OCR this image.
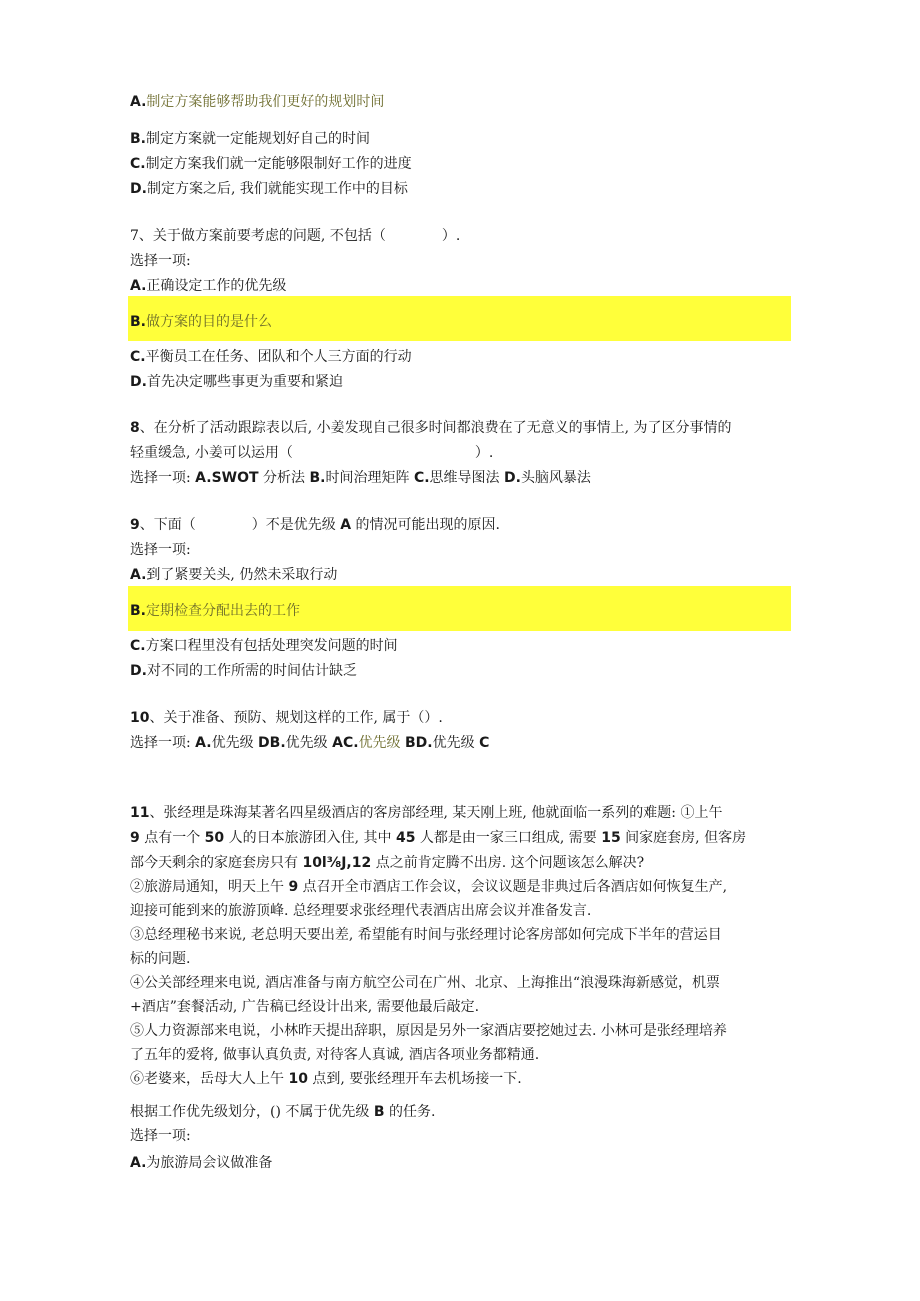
A.制定方案能够帮助我们更好的规划时间
B.制定方案就一定能规划好自己的时间
C.制定方案我们就一定能够限制好工作的进度
D.制定方案之后, 我们就能实现工作中的目标
7、关于做方案前要考虑的问题, 不包括（　　　　）.
选择一项:
A.正确设定工作的优先级
B.做方案的目的是什么
C.平衡员工在任务、团队和个人三方面的行动
D.首先决定哪些事更为重要和紧迫
8、在分析了活动跟踪表以后, 小姜发现自己很多时间都浪费在了无意义的事情上, 为了区分事情的
轻重缓急, 小姜可以运用（　　　　　　　　　　　　　）.
选择一项: A.SWOT 分析法 B.时间治理矩阵 C.思维导图法 D.头脑风暴法
9、下面（　　　　）不是优先级 A 的情况可能出现的原因.
选择一项:
A.到了紧要关头, 仍然未采取行动
B.定期检查分配出去的工作
C.方案口程里没有包括处理突发问题的时间
D.对不同的工作所需的时间估计缺乏
10、关于准备、预防、规划这样的工作, 属于（）.
选择一项: A.优先级 DB.优先级 AC.优先级 BD.优先级 C
11、张经理是珠海某著名四星级酒店的客房部经理, 某天刚上班, 他就面临一系列的难题: ①上午
9 点有一个 50 人的日本旅游团入住, 其中 45 人都是由一家三口组成, 需要 15 间家庭套房, 但客房
部今天剩余的家庭套房只有 10l⅜J,12 点之前肯定腾不出房. 这个问题该怎么解决?
②旅游局通知，明天上午 9 点召开全市酒店工作会议，会议议题是非典过后各酒店如何恢复生产,
迎接可能到来的旅游顶峰. 总经理要求张经理代表酒店出席会议并准备发言.
③总经理秘书来说, 老总明天要出差, 希望能有时间与张经理讨论客房部如何完成下半年的营运目
标的问题.
④公关部经理来电说, 酒店准备与南方航空公司在广州、北京、上海推出“浪漫珠海新感觉，机票
+酒店”套餐活动, 广告稿已经设计出来, 需要他最后敲定.
⑤人力资源部来电说，小林昨天提出辞职，原因是另外一家酒店要挖她过去. 小林可是张经理培养
了五年的爱将, 做事认真负责, 对待客人真诚, 酒店各项业务都精通.
⑥老婆来，岳母大人上午 10 点到, 要张经理开车去机场接一下.
根据工作优先级划分，() 不属于优先级 B 的任务.
选择一项:
A.为旅游局会议做准备
